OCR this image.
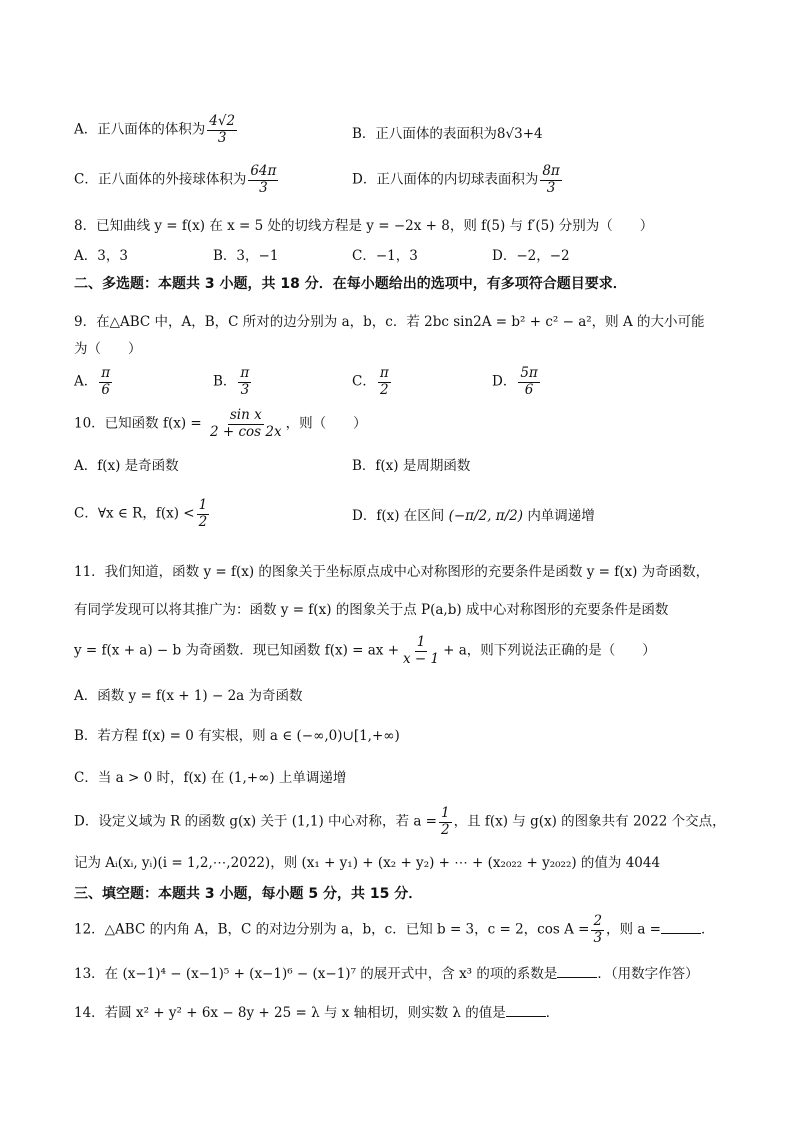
A．正八面体的体积为 $\frac{4√2}{3}$	B．正八面体的表面积为8√3+4
C．正八面体的外接球体积为 $\frac{64\pi}{3}$	D．正八面体的内切球表面积为 $\frac{8\pi}{3}$
8．已知曲线 y = f(x) 在 x = 5 处的切线方程是 y = −2x + 8，则 f(5) 与 f′(5) 分别为（　　）
A．3，3	B．3，−1	C．−1，3	D．−2，−2
二、多选题：本题共 3 小题，共 18 分．在每小题给出的选项中，有多项符合题目要求．
9．在△ABC 中，A，B，C 所对的边分别为 a，b，c．若 2bc sin2A = b² + c² − a²，则 A 的大小可能
为（　　）
A． $\frac{\pi}{6}$	B． $\frac{\pi}{3}$	C． $\frac{\pi}{2}$	D． $\frac{5\pi}{6}$
10．已知函数 $f(x) = \frac{\text{sin x}}{2 + \cos 2x}$ ，则（　　）
A．f(x) 是奇函数	B．f(x) 是周期函数
C．∀x ∈ R，$f(x) < \frac{1}{2}$	D．f(x) 在区间 (−π/2, π/2) 内单调递增
11．我们知道，函数 y = f(x) 的图象关于坐标原点成中心对称图形的充要条件是函数 y = f(x) 为奇函数，
有同学发现可以将其推广为：函数 y = f(x) 的图象关于点 P(a,b) 成中心对称图形的充要条件是函数
y = f(x + a) − b 为奇函数．现已知函数 f(x) = ax + $\frac{1}{x - 1} + a$，则下列说法正确的是（　　）
A．函数 y = f(x + 1) − 2a 为奇函数
B．若方程 f(x) = 0 有实根，则 a ∈ (−∞,0)∪[1,+∞)
C．当 a > 0 时，f(x) 在 (1,+∞) 上单调递增
D．设定义域为 R 的函数 g(x) 关于 (1,1) 中心对称，若 $a = \frac{1}{2}$ ，且 f(x) 与 g(x) 的图象共有 2022 个交点，
记为 Aᵢ(xᵢ, yᵢ)(i = 1,2,⋯,2022)，则 (x₁ + y₁) + (x₂ + y₂) + ⋯ + (x₂₀₂₂ + y₂₀₂₂) 的值为 4044
三、填空题：本题共 3 小题，每小题 5 分，共 15 分．
12．△ABC 的内角 A，B，C 的对边分别为 a，b，c．已知 b = 3，c = 2，$\cos A = \frac{2}{3}$ ，则 a =	．
13．在 (x−1)⁴ − (x−1)⁵ + (x−1)⁶ − (x−1)⁷ 的展开式中，含 x³ 的项的系数是	．（用数字作答）
14．若圆 x² + y² + 6x − 8y + 25 = λ 与 x 轴相切，则实数 λ 的值是	．
